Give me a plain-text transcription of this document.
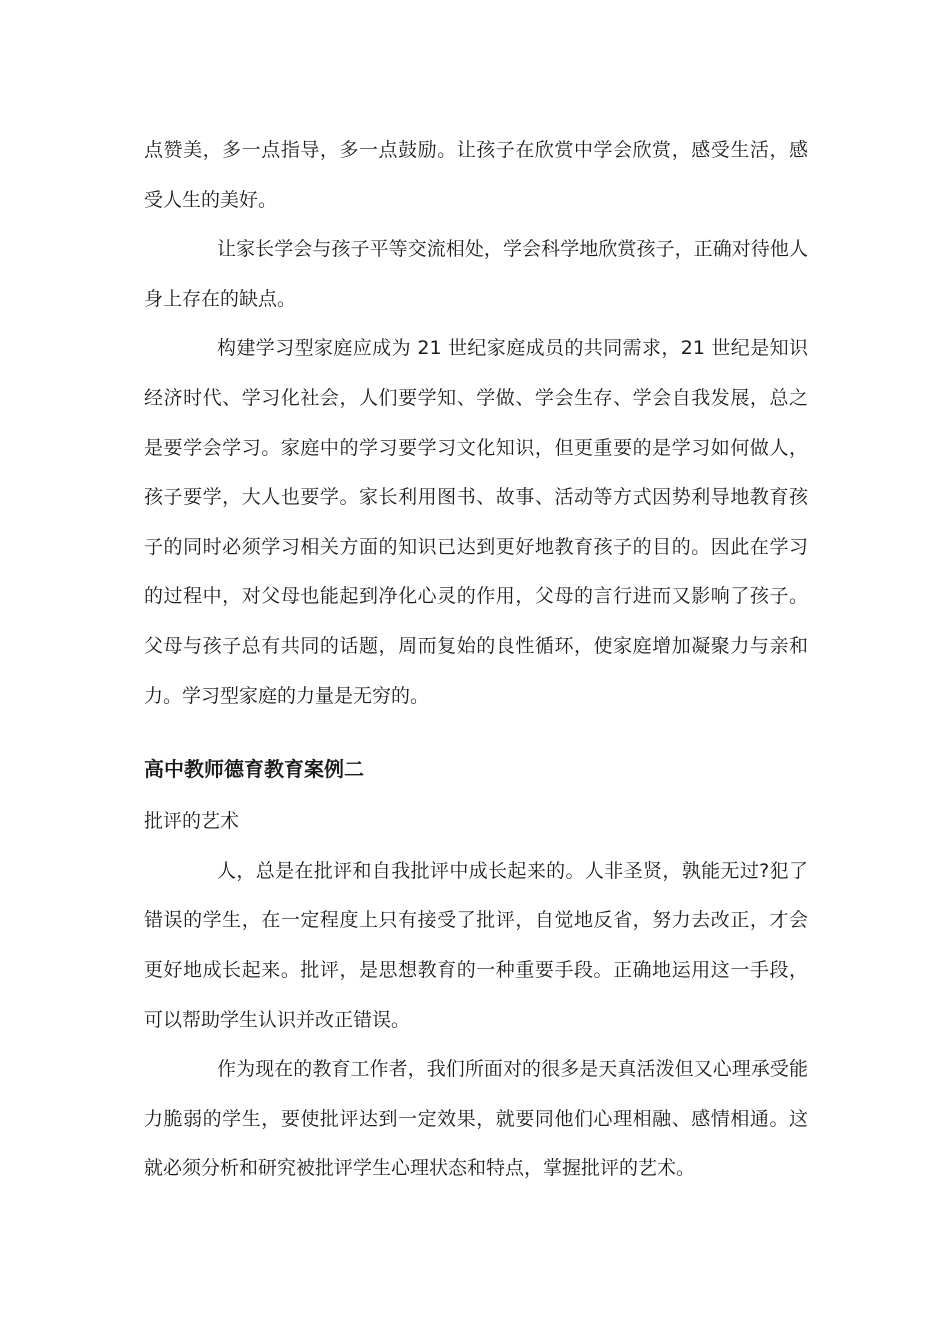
点赞美，多一点指导，多一点鼓励。让孩子在欣赏中学会欣赏，感受生活，感受人生的美好。

让家长学会与孩子平等交流相处，学会科学地欣赏孩子，正确对待他人身上存在的缺点。

构建学习型家庭应成为 21 世纪家庭成员的共同需求，21 世纪是知识经济时代、学习化社会，人们要学知、学做、学会生存、学会自我发展，总之是要学会学习。家庭中的学习要学习文化知识，但更重要的是学习如何做人，孩子要学，大人也要学。家长利用图书、故事、活动等方式因势利导地教育孩子的同时必须学习相关方面的知识已达到更好地教育孩子的目的。因此在学习的过程中，对父母也能起到净化心灵的作用，父母的言行进而又影响了孩子。父母与孩子总有共同的话题，周而复始的良性循环，使家庭增加凝聚力与亲和力。学习型家庭的力量是无穷的。

高中教师德育教育案例二

批评的艺术

人，总是在批评和自我批评中成长起来的。人非圣贤，孰能无过?犯了错误的学生，在一定程度上只有接受了批评，自觉地反省，努力去改正，才会更好地成长起来。批评，是思想教育的一种重要手段。正确地运用这一手段，可以帮助学生认识并改正错误。

作为现在的教育工作者，我们所面对的很多是天真活泼但又心理承受能力脆弱的学生，要使批评达到一定效果，就要同他们心理相融、感情相通。这就必须分析和研究被批评学生心理状态和特点，掌握批评的艺术。
